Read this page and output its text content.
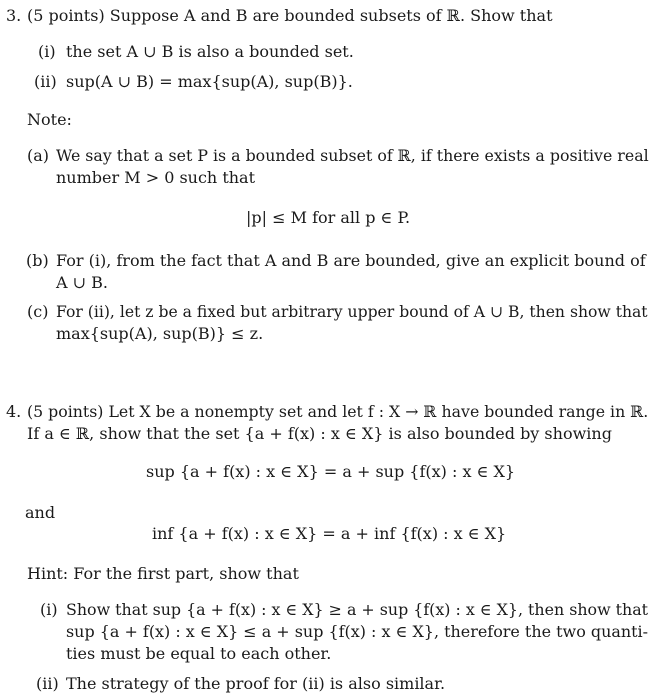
3. (5 points) Suppose A and B are bounded subsets of ℝ. Show that
(i) the set A ∪ B is also a bounded set.
(ii) sup(A ∪ B) = max{sup(A), sup(B)}.
Note:
(a) We say that a set P is a bounded subset of ℝ, if there exists a positive real
number M > 0 such that
|p| ≤ M for all p ∈ P.
(b) For (i), from the fact that A and B are bounded, give an explicit bound of
A ∪ B.
(c) For (ii), let z be a fixed but arbitrary upper bound of A ∪ B, then show that
max{sup(A), sup(B)} ≤ z.
4. (5 points) Let X be a nonempty set and let f : X → ℝ have bounded range in ℝ.
If a ∈ ℝ, show that the set {a + f(x) : x ∈ X} is also bounded by showing
sup {a + f(x) : x ∈ X} = a + sup {f(x) : x ∈ X}
and
inf {a + f(x) : x ∈ X} = a + inf {f(x) : x ∈ X}
Hint: For the first part, show that
(i) Show that sup {a + f(x) : x ∈ X} ≥ a + sup {f(x) : x ∈ X}, then show that
sup {a + f(x) : x ∈ X} ≤ a + sup {f(x) : x ∈ X}, therefore the two quanti-
ties must be equal to each other.
(ii) The strategy of the proof for (ii) is also similar.
